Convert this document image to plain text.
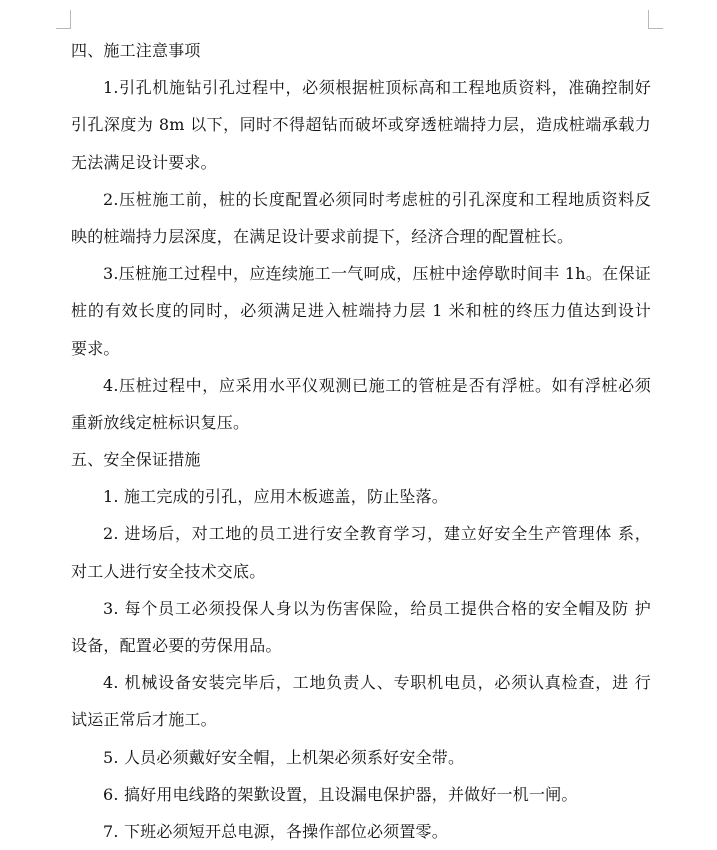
四、施工注意事项
1.引孔机施钻引孔过程中，必须根据桩顶标高和工程地质资料，准确控制好
引孔深度为 8m 以下，同时不得超钻而破坏或穿透桩端持力层，造成桩端承载力
无法满足设计要求。
2.压桩施工前，桩的长度配置必须同时考虑桩的引孔深度和工程地质资料反
映的桩端持力层深度，在满足设计要求前提下，经济合理的配置桩长。
3.压桩施工过程中，应连续施工一气呵成，压桩中途停歇时间丰 1h。在保证
桩的有效长度的同时，必须满足进入桩端持力层 1 米和桩的终压力值达到设计
要求。
4.压桩过程中，应采用水平仪观测已施工的管桩是否有浮桩。如有浮桩必须
重新放线定桩标识复压。
五、安全保证措施
1. 施工完成的引孔，应用木板遮盖，防止坠落。
2. 进场后，对工地的员工进行安全教育学习，建立好安全生产管理体 系，
对工人进行安全技术交底。
3. 每个员工必须投保人身以为伤害保险，给员工提供合格的安全帽及防 护
设备，配置必要的劳保用品。
4. 机械设备安装完毕后，工地负责人、专职机电员，必须认真检查，进 行
试运正常后才施工。
5. 人员必须戴好安全帽，上机架必须系好安全带。
6. 搞好用电线路的架歏设置，且设漏电保护器，并做好一机一闸。
7. 下班必须短开总电源，各操作部位必须置零。
